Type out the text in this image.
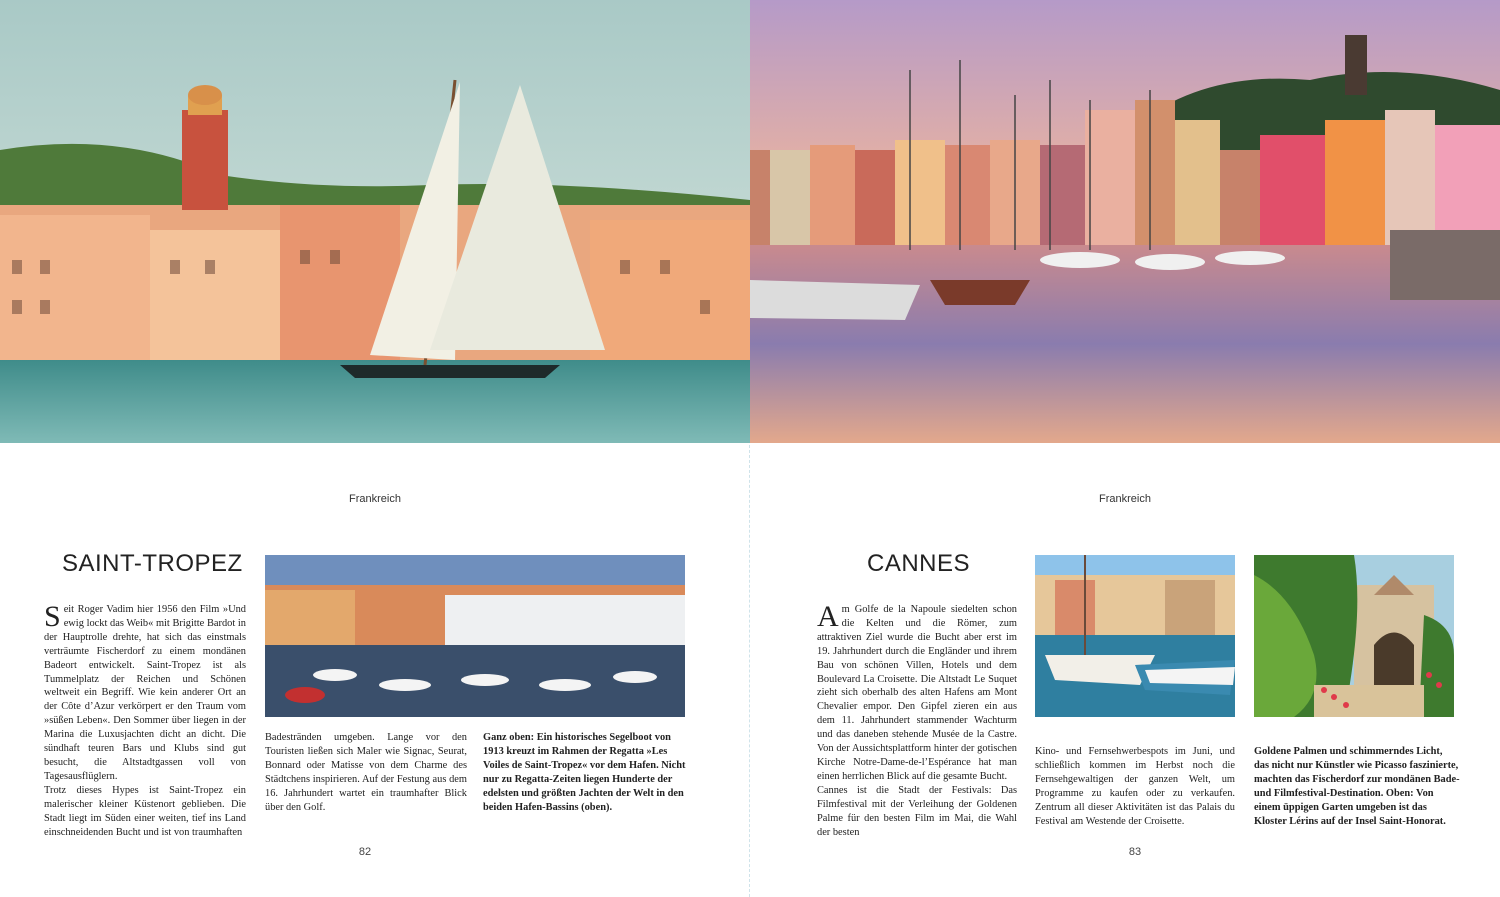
Frankreich
SAINT-TROPEZ

Seit Roger Vadim hier 1956 den Film »Und ewig lockt das Weib« mit Brigitte Bardot in der Hauptrolle drehte, hat sich das einstmals verträumte Fischerdorf zu einem mondänen Badeort entwickelt. Saint-Tropez ist als Tummelplatz der Reichen und Schönen weltweit ein Begriff. Wie kein anderer Ort an der Côte d’Azur verkörpert er den Traum vom »süßen Leben«. Den Sommer über liegen in der Marina die Luxusjachten dicht an dicht. Die sündhaft teuren Bars und Klubs sind gut besucht, die Altstadtgassen voll von Tagesausflüglern.

Trotz dieses Hypes ist Saint-Tropez ein malerischer kleiner Küstenort geblieben. Die Stadt liegt im Süden einer weiten, tief ins Land einschneidenden Bucht und ist von traumhaften

Badestränden umgeben. Lange vor den Touristen ließen sich Maler wie Signac, Seurat, Bonnard oder Matisse von dem Charme des Städtchens inspirieren. Auf der Festung aus dem 16. Jahrhundert wartet ein traumhafter Blick über den Golf.

Ganz oben: Ein historisches Segelboot von 1913 kreuzt im Rahmen der Regatta »Les Voiles de Saint-Tropez« vor dem Hafen. Nicht nur zu Regatta-Zeiten liegen Hunderte der edelsten und größten Jachten der Welt in den beiden Hafen-Bassins (oben).
82
Frankreich
CANNES

Am Golfe de la Napoule siedelten schon die Kelten und die Römer, zum attraktiven Ziel wurde die Bucht aber erst im 19. Jahrhundert durch die Engländer und ihrem Bau von schönen Villen, Hotels und dem Boulevard La Croisette. Die Altstadt Le Suquet zieht sich oberhalb des alten Hafens am Mont Chevalier empor. Den Gipfel zieren ein aus dem 11. Jahrhundert stammender Wachturm und das daneben stehende Musée de la Castre. Von der Aussichtsplattform hinter der gotischen Kirche Notre-Dame-de-l’Espérance hat man einen herrlichen Blick auf die gesamte Bucht.

Cannes ist die Stadt der Festivals: Das Filmfestival mit der Verleihung der Goldenen Palme für den besten Film im Mai, die Wahl der besten

Kino- und Fernsehwerbespots im Juni, und schließlich kommen im Herbst noch die Fernsehgewaltigen der ganzen Welt, um Programme zu kaufen oder zu verkaufen. Zentrum all dieser Aktivitäten ist das Palais du Festival am Westende der Croisette.

Goldene Palmen und schimmerndes Licht, das nicht nur Künstler wie Picasso faszinierte, machten das Fischerdorf zur mondänen Bade- und Filmfestival-Destination. Oben: Von einem üppigen Garten umgeben ist das Kloster Lérins auf der Insel Saint-Honorat.
83
